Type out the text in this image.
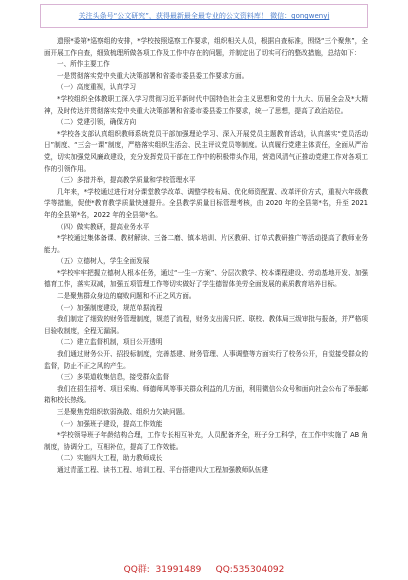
关注头条号“公文研究”，获得最新最全最专业的公文资料库！ 微信：gongwenyj

遗照*委第*巡察组的安排，*学校按照巡察工作要求，组织相关人员，根据自查标准，围绕“三个聚焦”，全面开展工作自查，细致梳理所做各项工作及工作中存在的问题，并制定出了切实可行的整改措施，总结如下：

一、所作主要工作

一是贯彻落实党中央重大决策部署和省委市委县委工作要求方面。

（一）高度重视，认真学习

*学校组织全体教职工深入学习贯彻习近平新时代中国特色社会主义思想和党的十九大、历届全会及*大精神，及时传达并贯彻落实党中央重大决策部署和省委市委县委工作要求，统一了思想，提高了政治站位。

（二）党建引领，确保方向

*学校各支部认真组织教师系统党员干部加强理论学习、深入开展党员主题教育活动，认真落实“党员活动日”制度、“三会一课”制度，严格落实组织生活会、民主评议党员等制度。认真履行党建主体责任，全面从严治党，切实加强党风廉政建设，充分发挥党员干部在工作中的积极带头作用，营造风清气正推动党建工作对各项工作的引领作用。

（三）多措并举，提高教学质量和学校管理水平

几年来，*学校通过进行对分课堂教学改革、调整学校布局、优化师资配置、改革评价方式，重视六年级教学等措施，促使*教育教学质量快速提升。全县教学质量目标管理考核，由 2020 年的全县第*名，升至 2021 年的全县第*名，2022 年的全县第*名。

（四）做实教研，提高业务水平

*学校通过集体备课、教材解读、三备二磨、镇本培训、片区教研、订单式教研推广等活动提高了教师业务能力。

（五）立德树人，学生全面发展

*学校牢牢把握立德树人根本任务，通过“一生一方案”、分层次教学、校本课程建设、劳动基地开发、加强德育工作，落实双减，加强五项管理工作等切实做好了学生德智体美劳全面发展的素质教育培养目标。

二是聚焦群众身边的腐败问题和不正之风方面。

（一）加强制度建设，规范单据流程

我们制定了细致的财务管理制度，规范了流程，财务支出需只匠、联校、教体局三级审批与报备，并严格项目验收制度，全程无漏洞。

（二）建立监督机制，项目公开透明

我们通过财务公开、招投标制度，完善基建、财务管理、人事调整等方面实行了校务公开，自觉接受群众的监督，防止不正之风的产生。

（三）多渠道收集信息，接受群众监督

我们在招生招考、项目采购、师德师风等事关群众利益的几方面，利用微信公众号和面向社会公布了举报邮箱和校长热线。

三是聚焦党组织软弱涣散、组织力欠缺问题。

（一）加强班子建设，提高工作效能

*学校领导班子年龄结构合理，工作专长相互补充，人员配备齐全，班子分工科学，在工作中实施了 AB 角制度，协调分工，互相补位，提高了工作效能。

（二）实施四大工程，助力教师成长

通过青蓝工程、读书工程、培训工程、平台搭建四大工程加强教师队伍建

QQ群:  31991489     QQ:535304092
